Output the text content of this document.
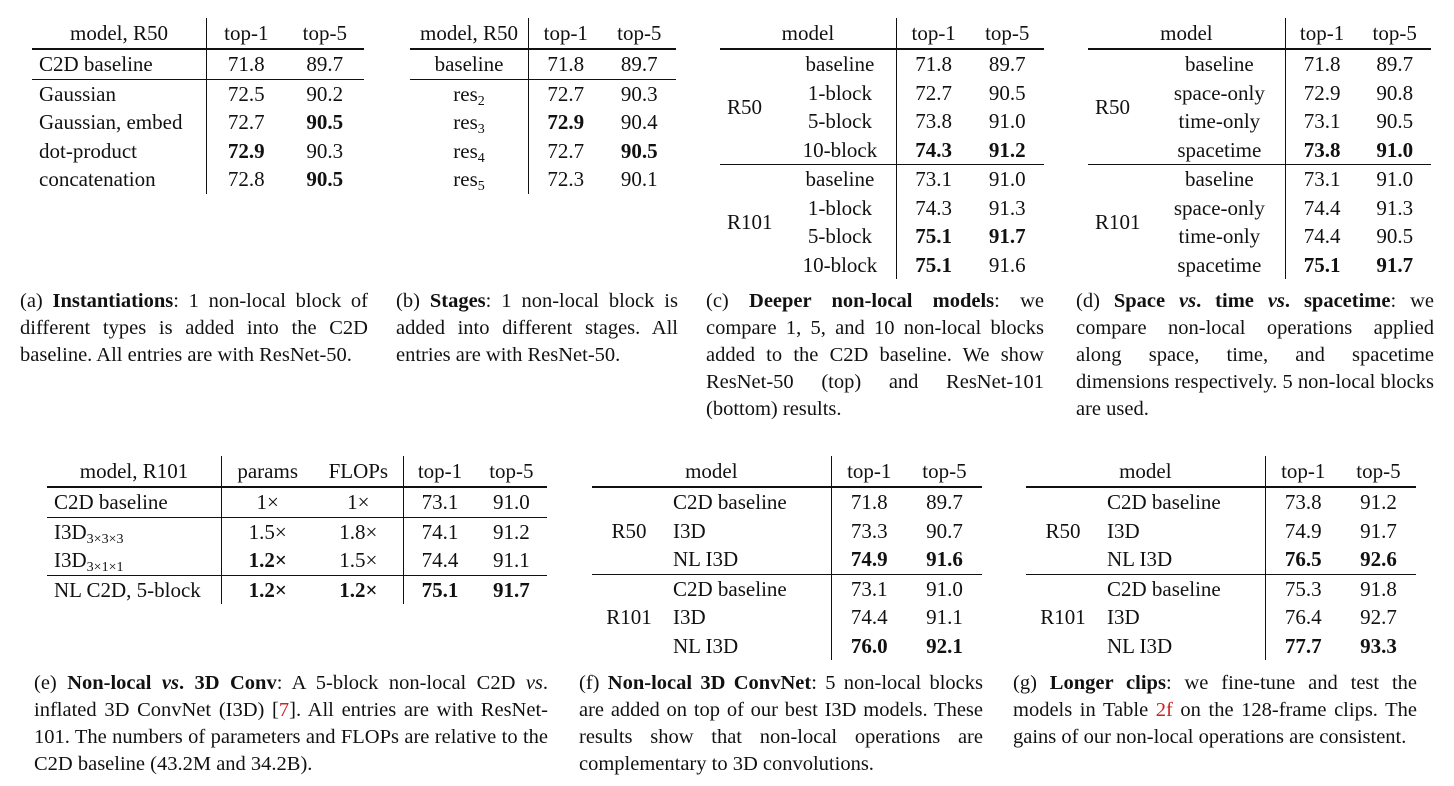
model, R50	top-1	top-5
C2D baseline	71.8	89.7
Gaussian	72.5	90.2
Gaussian, embed	72.7	90.5
dot-product	72.9	90.3
concatenation	72.8	90.5
(a) Instantiations: 1 non-local block of different types is added into the C2D baseline. All entries are with ResNet-50.
model, R50	top-1	top-5
baseline	71.8	89.7
res$_2$	72.7	90.3
res$_3$	72.9	90.4
res$_4$	72.7	90.5
res$_5$	72.3	90.1
(b) Stages: 1 non-local block is added into different stages. All entries are with ResNet-50.
model		top-1	top-5
R50	baseline	71.8	89.7
	1-block	72.7	90.5
	5-block	73.8	91.0
	10-block	74.3	91.2
R101	baseline	73.1	91.0
	1-block	74.3	91.3
	5-block	75.1	91.7
	10-block	75.1	91.6
(c) Deeper non-local models: we compare 1, 5, and 10 non-local blocks added to the C2D baseline. We show ResNet-50 (top) and ResNet-101 (bottom) results.
model		top-1	top-5
R50	baseline	71.8	89.7
	space-only	72.9	90.8
	time-only	73.1	90.5
	spacetime	73.8	91.0
R101	baseline	73.1	91.0
	space-only	74.4	91.3
	time-only	74.4	90.5
	spacetime	75.1	91.7
(d) Space vs. time vs. spacetime: we compare non-local operations applied along space, time, and spacetime dimensions respectively. 5 non-local blocks are used.
model, R101	params	FLOPs	top-1	top-5
C2D baseline	1×	1×	73.1	91.0
$I3D_{3\times 3\times 3}$	1.5×	1.8×	74.1	91.2
$I3D_{3\times 1\times 1}$	1.2×	1.5×	74.4	91.1
NL C2D, 5-block	1.2×	1.2×	75.1	91.7
(e) Non-local vs. 3D Conv: A 5-block non-local C2D vs. inflated 3D ConvNet (I3D) [7]. All entries are with ResNet-101. The numbers of parameters and FLOPs are relative to the C2D baseline (43.2M and 34.2B).
model		top-1	top-5
R50	C2D baseline	71.8	89.7
	I3D	73.3	90.7
	NL I3D	74.9	91.6
R101	C2D baseline	73.1	91.0
	I3D	74.4	91.1
	NL I3D	76.0	92.1
(f) Non-local 3D ConvNet: 5 non-local blocks are added on top of our best I3D models. These results show that non-local operations are complementary to 3D convolutions.
model		top-1	top-5
R50	C2D baseline	73.8	91.2
	I3D	74.9	91.7
	NL I3D	76.5	92.6
R101	C2D baseline	75.3	91.8
	I3D	76.4	92.7
	NL I3D	77.7	93.3
(g) Longer clips: we fine-tune and test the models in Table 2f on the 128-frame clips. The gains of our non-local operations are consistent.
